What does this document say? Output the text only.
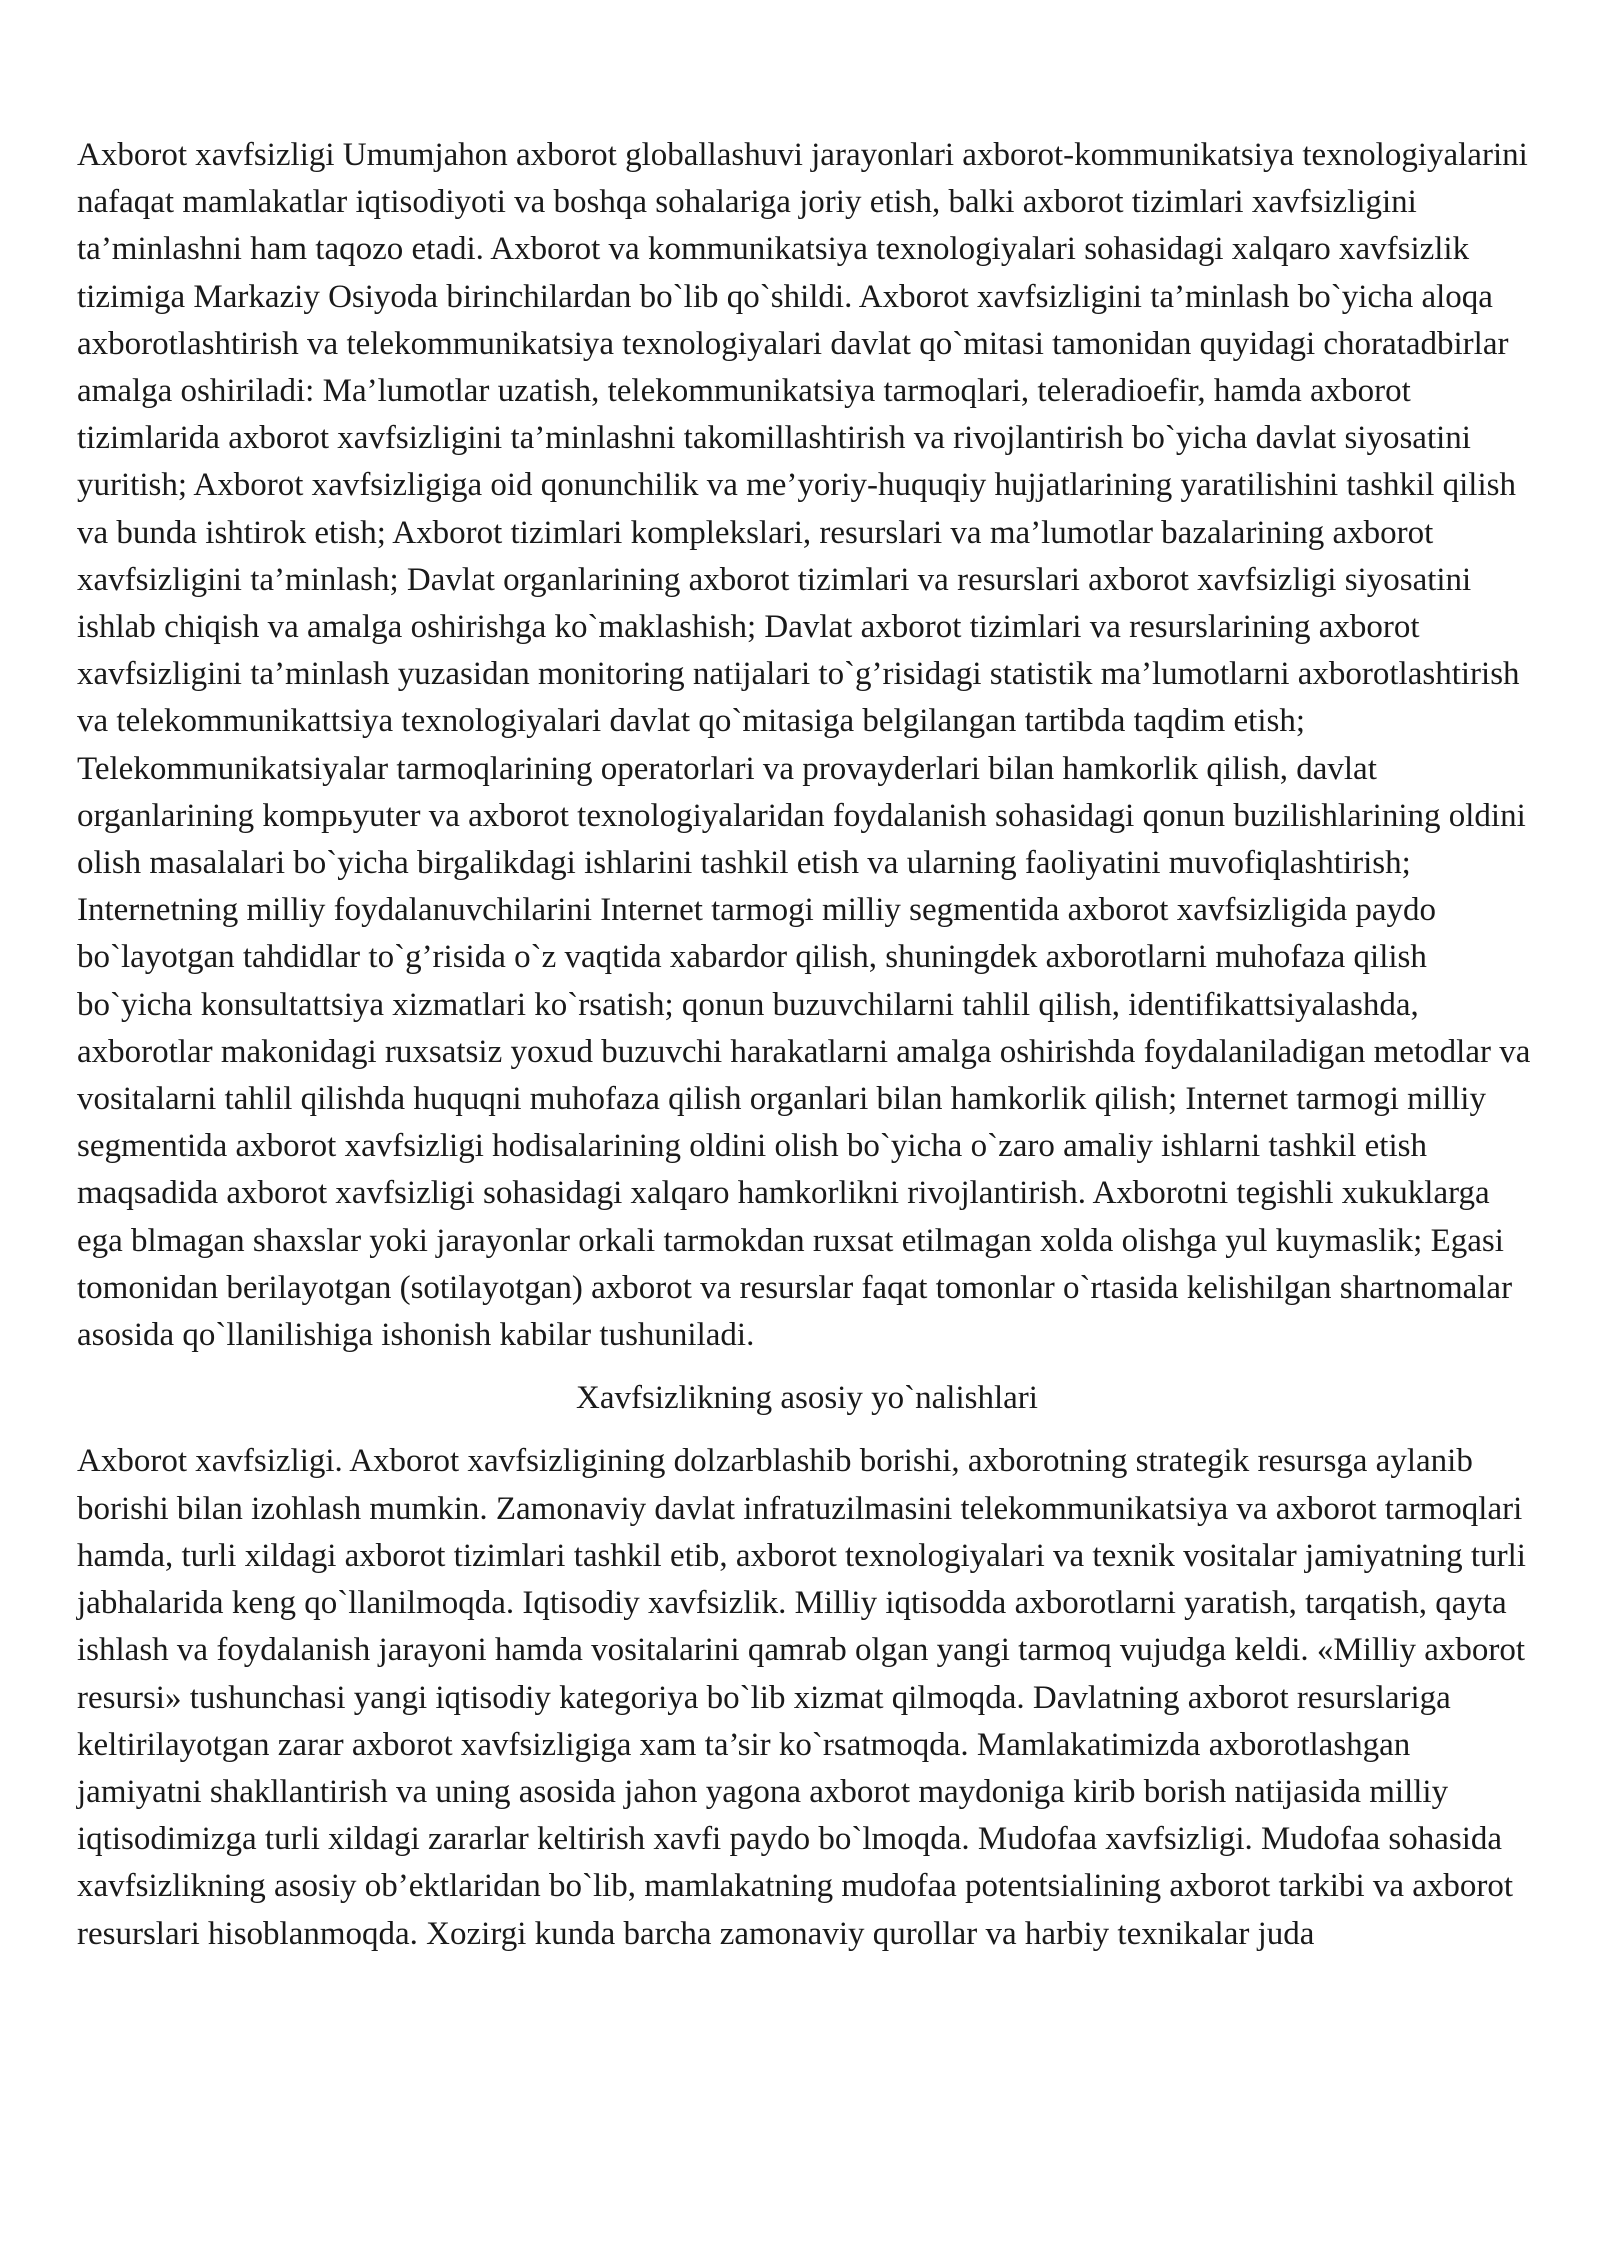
Axborot xavfsizligi Umumjahon axborot globallashuvi jarayonlari axborot-kommunikatsiya texnologiyalarini nafaqat mamlakatlar iqtisodiyoti va boshqa sohalariga joriy etish, balki axborot tizimlari xavfsizligini ta’minlashni ham taqozo etadi. Axborot va kommunikatsiya texnologiyalari sohasidagi xalqaro xavfsizlik tizimiga Markaziy Osiyoda birinchilardan bo`lib qo`shildi. Axborot xavfsizligini ta’minlash bo`yicha aloqa axborotlashtirish va telekommunikatsiya texnologiyalari davlat qo`mitasi tamonidan quyidagi choratadbirlar amalga oshiriladi: Ma’lumotlar uzatish, telekommunikatsiya tarmoqlari, teleradioefir, hamda axborot tizimlarida axborot xavfsizligini ta’minlashni takomillashtirish va rivojlantirish bo`yicha davlat siyosatini yuritish; Axborot xavfsizligiga oid qonunchilik va me’yoriy-huquqiy hujjatlarining yaratilishini tashkil qilish va bunda ishtirok etish; Axborot tizimlari komplekslari, resurslari va ma’lumotlar bazalarining axborot xavfsizligini ta’minlash; Davlat organlarining axborot tizimlari va resurslari axborot xavfsizligi siyosatini ishlab chiqish va amalga oshirishga ko`maklashish; Davlat axborot tizimlari va resurslarining axborot xavfsizligini ta’minlash yuzasidan monitoring natijalari to`g’risidagi statistik ma’lumotlarni axborotlashtirish va telekommunikattsiya texnologiyalari davlat qo`mitasiga belgilangan tartibda taqdim etish; Telekommunikatsiyalar tarmoqlarining operatorlari va provayderlari bilan hamkorlik qilish, davlat organlarining kompьyuter va axborot texnologiyalaridan foydalanish sohasidagi qonun buzilishlarining oldini olish masalalari bo`yicha birgalikdagi ishlarini tashkil etish va ularning faoliyatini muvofiqlashtirish; Internetning milliy foydalanuvchilarini Internet tarmogi milliy segmentida axborot xavfsizligida paydo bo`layotgan tahdidlar to`g’risida o`z vaqtida xabardor qilish, shuningdek axborotlarni muhofaza qilish bo`yicha konsultattsiya xizmatlari ko`rsatish; qonun buzuvchilarni tahlil qilish, identifikattsiyalashda, axborotlar makonidagi ruxsatsiz yoxud buzuvchi harakatlarni amalga oshirishda foydalaniladigan metodlar va vositalarni tahlil qilishda huquqni muhofaza qilish organlari bilan hamkorlik qilish; Internet tarmogi milliy segmentida axborot xavfsizligi hodisalarining oldini olish bo`yicha o`zaro amaliy ishlarni tashkil etish maqsadida axborot xavfsizligi sohasidagi xalqaro hamkorlikni rivojlantirish. Axborotni tegishli xukuklarga ega blmagan shaxslar yoki jarayonlar orkali tarmokdan ruxsat etilmagan xolda olishga yul kuymaslik; Egasi tomonidan berilayotgan (sotilayotgan) axborot va resurslar faqat tomonlar o`rtasida kelishilgan shartnomalar asosida qo`llanilishiga ishonish kabilar tushuniladi.

Xavfsizlikning asosiy yo`nalishlari

Axborot xavfsizligi. Axborot xavfsizligining dolzarblashib borishi, axborotning strategik resursga aylanib borishi bilan izohlash mumkin. Zamonaviy davlat infratuzilmasini telekommunikatsiya va axborot tarmoqlari hamda, turli xildagi axborot tizimlari tashkil etib, axborot texnologiyalari va texnik vositalar jamiyatning turli jabhalarida keng qo`llanilmoqda. Iqtisodiy xavfsizlik. Milliy iqtisodda axborotlarni yaratish, tarqatish, qayta ishlash va foydalanish jarayoni hamda vositalarini qamrab olgan yangi tarmoq vujudga keldi. «Milliy axborot resursi» tushunchasi yangi iqtisodiy kategoriya bo`lib xizmat qilmoqda. Davlatning axborot resurslariga keltirilayotgan zarar axborot xavfsizligiga xam ta’sir ko`rsatmoqda. Mamlakatimizda axborotlashgan jamiyatni shakllantirish va uning asosida jahon yagona axborot maydoniga kirib borish natijasida milliy iqtisodimizga turli xildagi zararlar keltirish xavfi paydo bo`lmoqda. Mudofaa xavfsizligi. Mudofaa sohasida xavfsizlikning asosiy ob’ektlaridan bo`lib, mamlakatning mudofaa potentsialining axborot tarkibi va axborot resurslari hisoblanmoqda. Xozirgi kunda barcha zamonaviy qurollar va harbiy texnikalar juda
